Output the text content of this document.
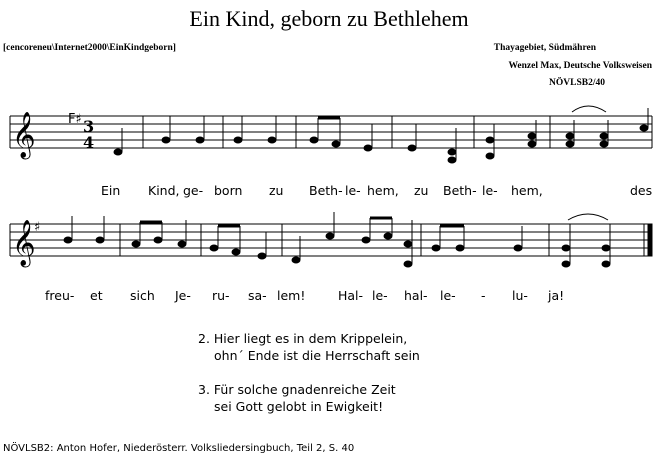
Ein Kind, geborn zu Bethlehem
[cencoreneu\Internet2000\EinKindgeborn]	Thayagebiet, Südmähren
Wenzel Max, Deutsche Volksweisen
NÖVLSB2/40
𝄞 F♯ 3
4
𝄞
♯
Ein Kind, ge- born zu Beth- le- hem, zu Beth- le- hem,	des
freu- et sich Je- ru- sa- lem!	Hal- le- hal- le- - lu- ja!
2. Hier liegt es in dem Krippelein,
ohn´ Ende ist die Herrschaft sein
3. Für solche gnadenreiche Zeit
sei Gott gelobt in Ewigkeit!
NÖVLSB2: Anton Hofer, Niederösterr. Volksliedersingbuch, Teil 2, S. 40
